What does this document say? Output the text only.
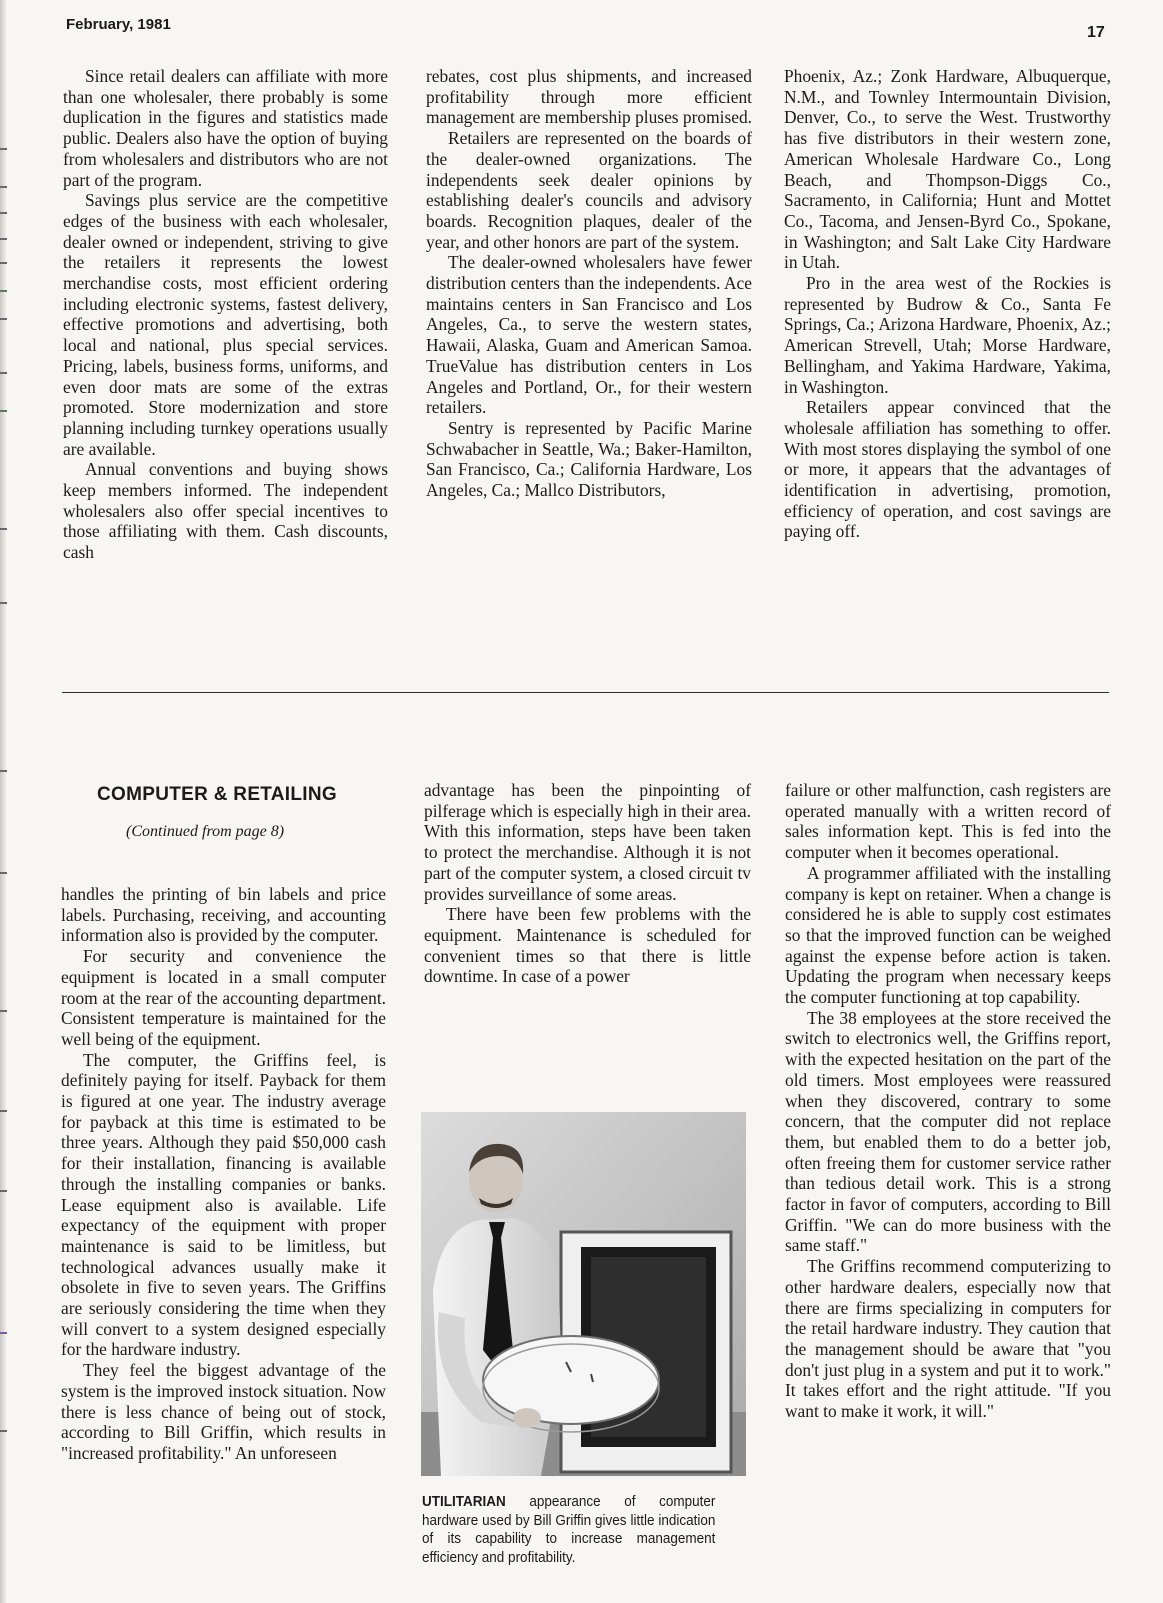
February, 1981	17

Since retail dealers can affiliate with more than one wholesaler, there probably is some duplication in the figures and statistics made public. Dealers also have the option of buying from wholesalers and distributors who are not part of the program.

Savings plus service are the competitive edges of the business with each wholesaler, dealer owned or independent, striving to give the retailers it represents the lowest merchandise costs, most efficient ordering including electronic systems, fastest delivery, effective promotions and advertising, both local and national, plus special services. Pricing, labels, business forms, uniforms, and even door mats are some of the extras promoted. Store modernization and store planning including turnkey operations usually are available.

Annual conventions and buying shows keep members informed. The independent wholesalers also offer special incentives to those affiliating with them. Cash discounts, cash

rebates, cost plus shipments, and increased profitability through more efficient management are membership pluses promised.

Retailers are represented on the boards of the dealer-owned organizations. The independents seek dealer opinions by establishing dealer's councils and advisory boards. Recognition plaques, dealer of the year, and other honors are part of the system.

The dealer-owned wholesalers have fewer distribution centers than the independents. Ace maintains centers in San Francisco and Los Angeles, Ca., to serve the western states, Hawaii, Alaska, Guam and American Samoa. TrueValue has distribution centers in Los Angeles and Portland, Or., for their western retailers.

Sentry is represented by Pacific Marine Schwabacher in Seattle, Wa.; Baker-Hamilton, San Francisco, Ca.; California Hardware, Los Angeles, Ca.; Mallco Distributors,

Phoenix, Az.; Zonk Hardware, Albuquerque, N.M., and Townley Intermountain Division, Denver, Co., to serve the West. Trustworthy has five distributors in their western zone, American Wholesale Hardware Co., Long Beach, and Thompson-Diggs Co., Sacramento, in California; Hunt and Mottet Co., Tacoma, and Jensen-Byrd Co., Spokane, in Washington; and Salt Lake City Hardware in Utah.

Pro in the area west of the Rockies is represented by Budrow & Co., Santa Fe Springs, Ca.; Arizona Hardware, Phoenix, Az.; American Strevell, Utah; Morse Hardware, Bellingham, and Yakima Hardware, Yakima, in Washington.

Retailers appear convinced that the wholesale affiliation has something to offer. With most stores displaying the symbol of one or more, it appears that the advantages of identification in advertising, promotion, efficiency of operation, and cost savings are paying off.

COMPUTER & RETAILING
(Continued from page 8)

handles the printing of bin labels and price labels. Purchasing, receiving, and accounting information also is provided by the computer.

For security and convenience the equipment is located in a small computer room at the rear of the accounting department. Consistent temperature is maintained for the well being of the equipment.

The computer, the Griffins feel, is definitely paying for itself. Payback for them is figured at one year. The industry average for payback at this time is estimated to be three years. Although they paid $50,000 cash for their installation, financing is available through the installing companies or banks. Lease equipment also is available. Life expectancy of the equipment with proper maintenance is said to be limitless, but technological advances usually make it obsolete in five to seven years. The Griffins are seriously considering the time when they will convert to a system designed especially for the hardware industry.

They feel the biggest advantage of the system is the improved instock situation. Now there is less chance of being out of stock, according to Bill Griffin, which results in "increased profitability." An unforeseen

advantage has been the pinpointing of pilferage which is especially high in their area. With this information, steps have been taken to protect the merchandise. Although it is not part of the computer system, a closed circuit tv provides surveillance of some areas.

There have been few problems with the equipment. Maintenance is scheduled for convenient times so that there is little downtime. In case of a power

failure or other malfunction, cash registers are operated manually with a written record of sales information kept. This is fed into the computer when it becomes operational.

A programmer affiliated with the installing company is kept on retainer. When a change is considered he is able to supply cost estimates so that the improved function can be weighed against the expense before action is taken. Updating the program when necessary keeps the computer functioning at top capability.

The 38 employees at the store received the switch to electronics well, the Griffins report, with the expected hesitation on the part of the old timers. Most employees were reassured when they discovered, contrary to some concern, that the computer did not replace them, but enabled them to do a better job, often freeing them for customer service rather than tedious detail work. This is a strong factor in favor of computers, according to Bill Griffin. "We can do more business with the same staff."

The Griffins recommend computerizing to other hardware dealers, especially now that there are firms specializing in computers for the retail hardware industry. They caution that the management should be aware that "you don't just plug in a system and put it to work." It takes effort and the right attitude. "If you want to make it work, it will."

UTILITARIAN appearance of computer hardware used by Bill Griffin gives little indication of its capability to increase management efficiency and profitability.
